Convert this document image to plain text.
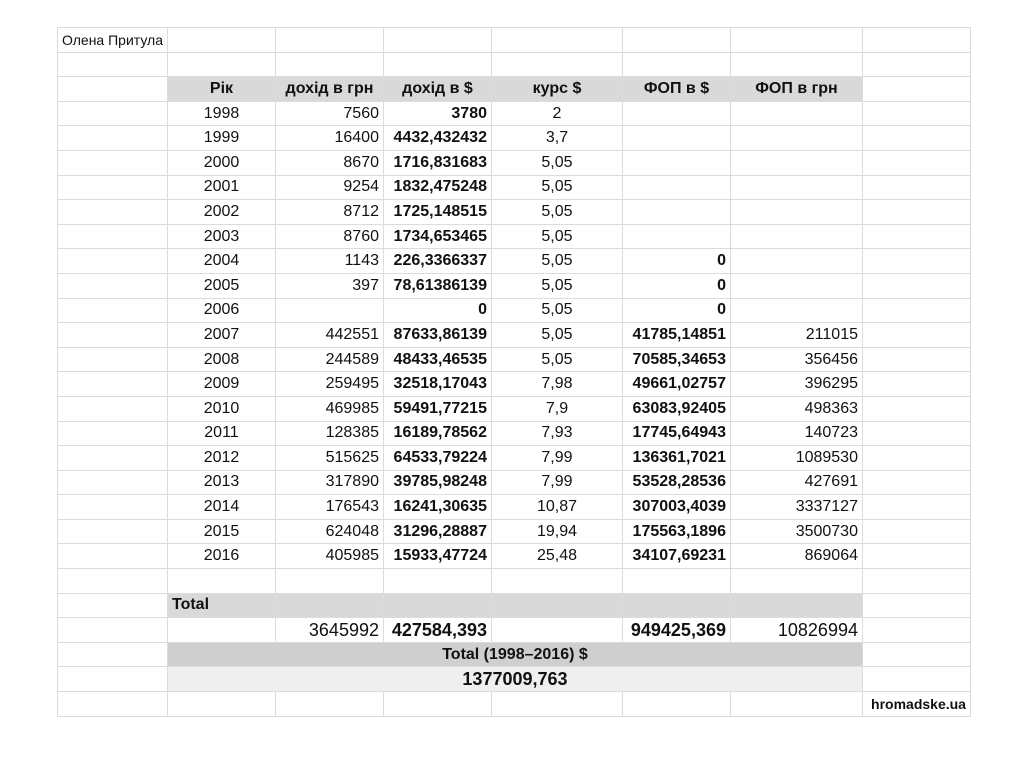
Олена Притула							

	Рік	дохід в грн	дохід в $	курс $	ФОП в $	ФОП в грн	
	1998	7560	3780	2			
	1999	16400	4432,432432	3,7			
	2000	8670	1716,831683	5,05			
	2001	9254	1832,475248	5,05			
	2002	8712	1725,148515	5,05			
	2003	8760	1734,653465	5,05			
	2004	1143	226,3366337	5,05	0		
	2005	397	78,61386139	5,05	0		
	2006		0	5,05	0		
	2007	442551	87633,86139	5,05	41785,14851	211015	
	2008	244589	48433,46535	5,05	70585,34653	356456	
	2009	259495	32518,17043	7,98	49661,02757	396295	
	2010	469985	59491,77215	7,9	63083,92405	498363	
	2011	128385	16189,78562	7,93	17745,64943	140723	
	2012	515625	64533,79224	7,99	136361,7021	1089530	
	2013	317890	39785,98248	7,99	53528,28536	427691	
	2014	176543	16241,30635	10,87	307003,4039	3337127	
	2015	624048	31296,28887	19,94	175563,1896	3500730	
	2016	405985	15933,47724	25,48	34107,69231	869064	

	Total						
		3645992	427584,393		949425,369	10826994	
	Total (1998–2016) $						
	1377009,763						
							hromadske.ua
